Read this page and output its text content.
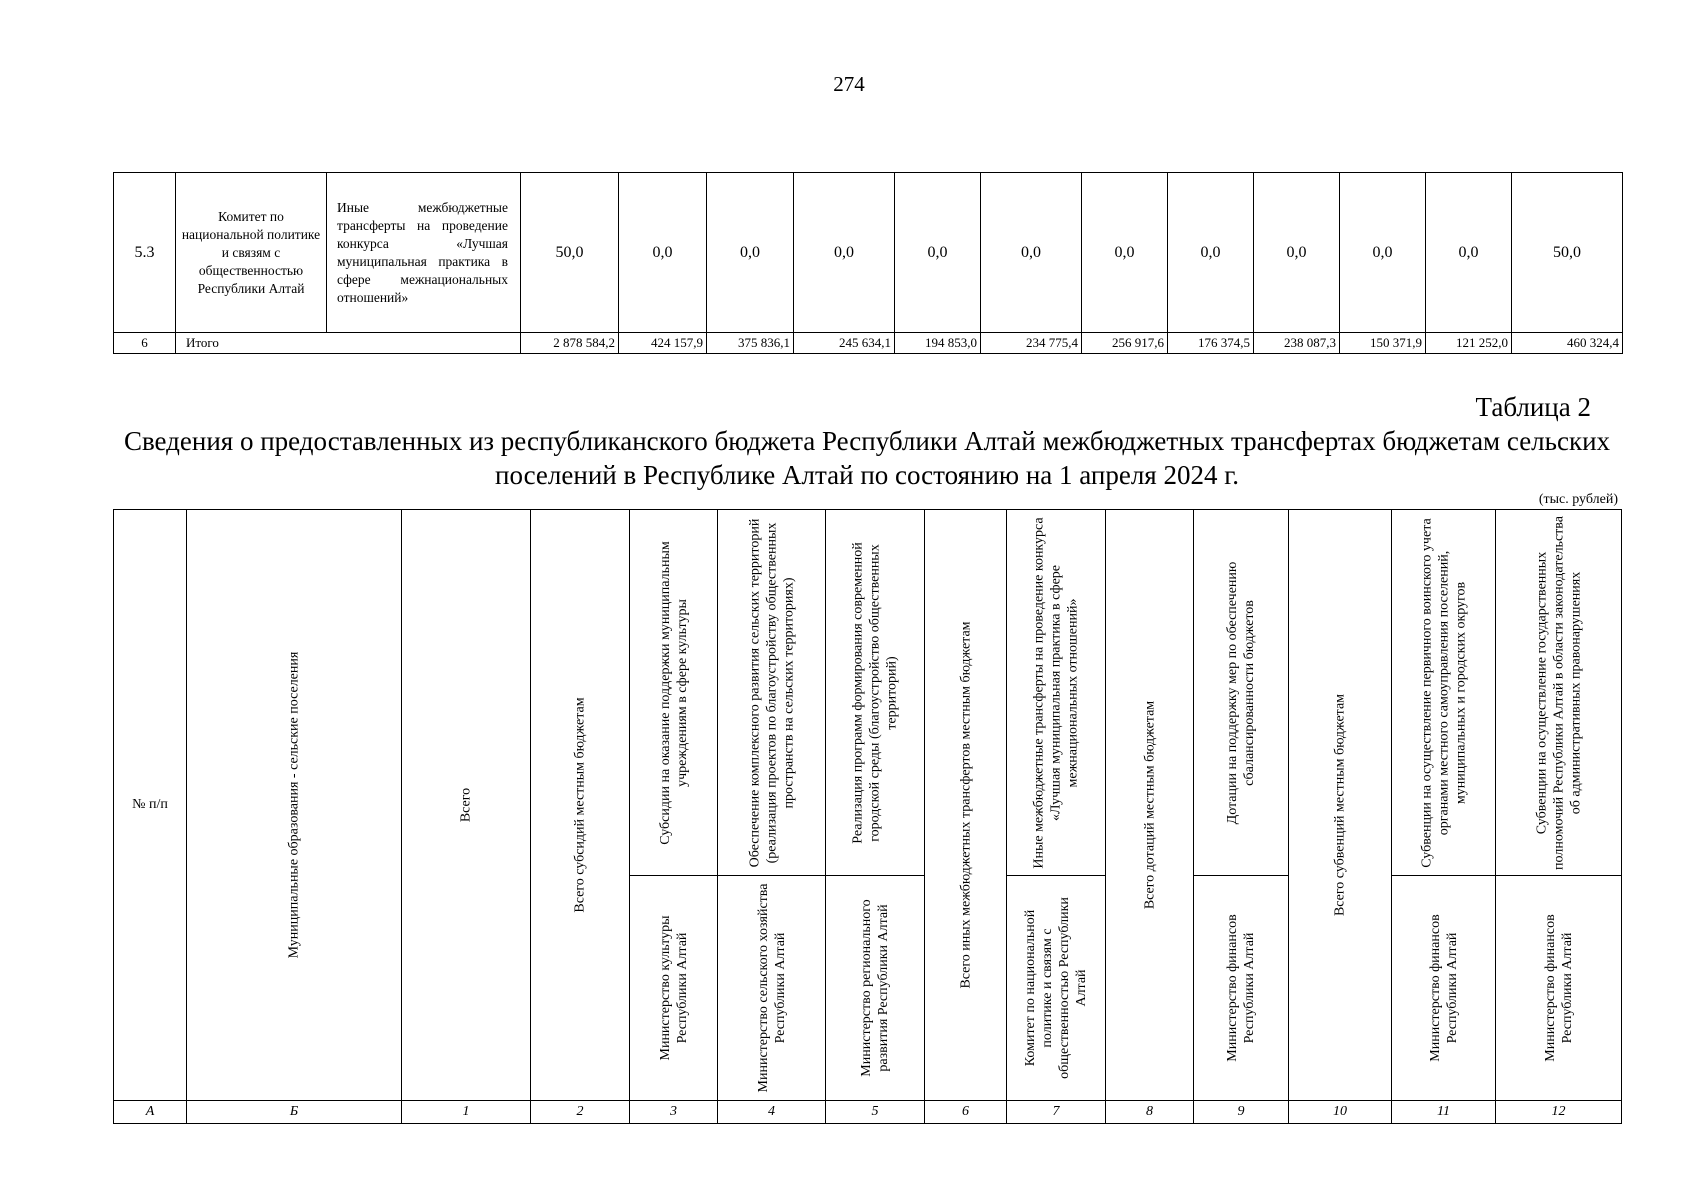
274
5.3	Комитет по национальной политике и связям с общественностью Республики Алтай	Иные межбюджетные трансферты на проведение конкурса «Лучшая муниципальная практика в сфере межнациональных отношений»	50,0	0,0	0,0	0,0	0,0	0,0	0,0	0,0	0,0	0,0	0,0	50,0
6	Итого		2 878 584,2	424 157,9	375 836,1	245 634,1	194 853,0	234 775,4	256 917,6	176 374,5	238 087,3	150 371,9	121 252,0	460 324,4
Таблица 2
Сведения о предоставленных из республиканского бюджета Республики Алтай межбюджетных трансфертах бюджетам сельских поселений в Республике Алтай по состоянию на 1 апреля 2024 г.
(тыс. рублей)
№ п/п	Муниципальные образования - сельские поселения	Всего	Всего субсидий местным бюджетам	Субсидии на оказание поддержки муниципальным учреждениям в сфере культуры	Обеспечение комплексного развития сельских территорий (реализация проектов по благоустройству общественных пространств на сельских территориях)	Реализация программ формирования современной городской среды (благоустройство общественных территорий)	Всего иных межбюджетных трансфертов местным бюджетам	Иные межбюджетные трансферты на проведение конкурса «Лучшая муниципальная практика в сфере межнациональных отношений»	Всего дотаций местным бюджетам	Дотации на поддержку мер по обеспечению сбалансированности бюджетов	Всего субвенций местным бюджетам	Субвенции на осуществление первичного воинского учета органами местного самоуправления поселений, муниципальных и городских округов	Субвенции на осуществление государственных полномочий Республики Алтай в области законодательства об административных правонарушениях

				Министерство культуры Республики Алтай	Министерство сельского хозяйства Республики Алтай	Министерство регионального развития Республики Алтай		Комитет по национальной политике и связям с общественностью Республики Алтай		Министерство финансов Республики Алтай		Министерство финансов Республики Алтай	Министерство финансов Республики Алтай

А	Б	1	2	3	4	5	6	7	8	9	10	11	12
